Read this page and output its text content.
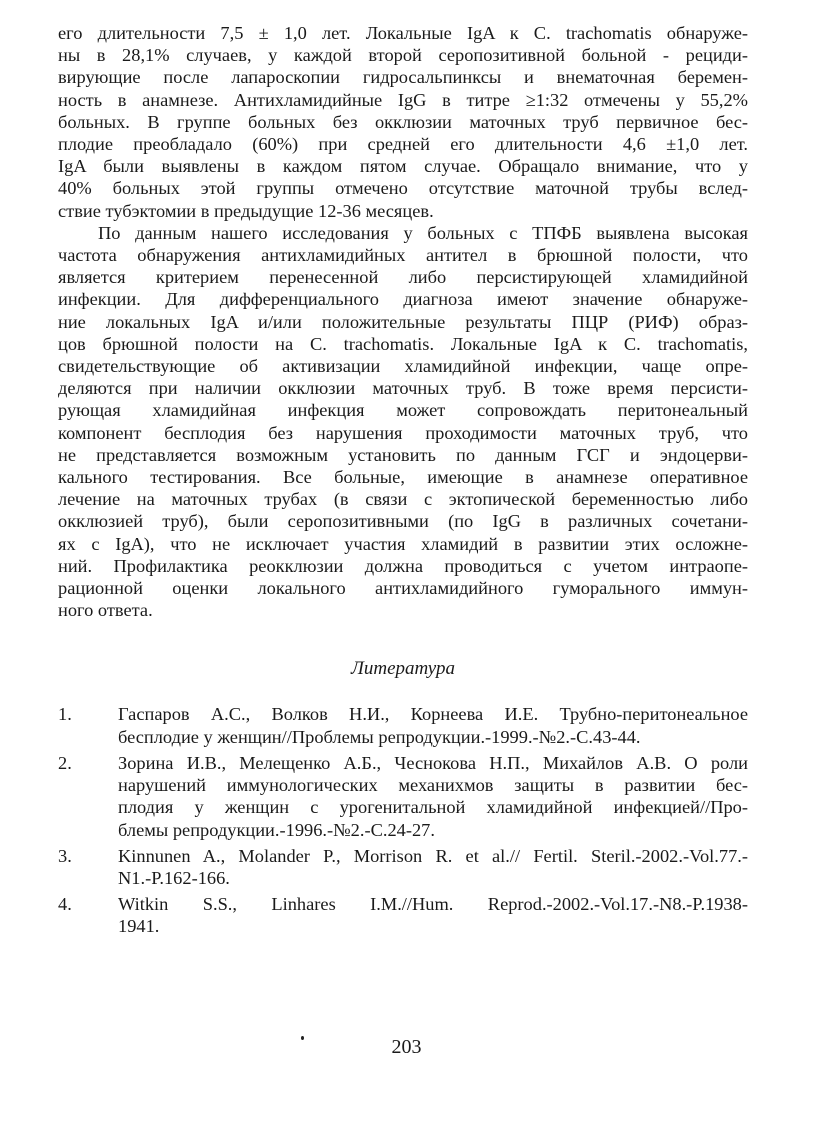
его длительности 7,5 ± 1,0 лет. Локальные IgA к C. trachomatis обнаруже-
ны в 28,1% случаев, у каждой второй серопозитивной больной - рециди-
вирующие после лапароскопии гидросальпинксы и внематочная беремен-
ность в анамнезе. Антихламидийные IgG в титре ≥1:32 отмечены у 55,2%
больных. В группе больных без окклюзии маточных труб первичное бес-
плодие преобладало (60%) при средней его длительности 4,6 ±1,0 лет.
IgA были выявлены в каждом пятом случае. Обращало внимание, что у
40% больных этой группы отмечено отсутствие маточной трубы вслед-
ствие тубэктомии в предыдущие 12-36 месяцев.

По данным нашего исследования у больных с ТПФБ выявлена высокая
частота обнаружения антихламидийных антител в брюшной полости, что
является критерием перенесенной либо персистирующей хламидийной
инфекции. Для дифференциального диагноза имеют значение обнаруже-
ние локальных IgA и/или положительные результаты ПЦР (РИФ) образ-
цов брюшной полости на C. trachomatis. Локальные IgA к C. trachomatis,
свидетельствующие об активизации хламидийной инфекции, чаще опре-
деляются при наличии окклюзии маточных труб. В тоже время персисти-
рующая хламидийная инфекция может сопровождать перитонеальный
компонент бесплодия без нарушения проходимости маточных труб, что
не представляется возможным установить по данным ГСГ и эндоцерви-
кального тестирования. Все больные, имеющие в анамнезе оперативное
лечение на маточных трубах (в связи с эктопической беременностью либо
окклюзией труб), были серопозитивными (по IgG в различных сочетани-
ях с IgA), что не исключает участия хламидий в развитии этих осложне-
ний. Профилактика реокклюзии должна проводиться с учетом интраопе-
рационной оценки локального антихламидийного гуморального иммун-
ного ответа.

Литература
1.	Гаспаров А.С., Волков Н.И., Корнеева И.Е. Трубно-перитонеальное
бесплодие у женщин//Проблемы репродукции.-1999.-№2.-С.43-44.
2.	Зорина И.В., Мелещенко А.Б., Чеснокова Н.П., Михайлов А.В. О роли
нарушений иммунологических механихмов защиты в развитии бес-
плодия у женщин с урогенитальной хламидийной инфекцией//Про-
блемы репродукции.-1996.-№2.-С.24-27.
3.	Kinnunen A., Molander P., Morrison R. et al.// Fertil. Steril.-2002.-Vol.77.-
N1.-P.162-166.
4.	Witkin S.S., Linhares I.M.//Hum. Reprod.-2002.-Vol.17.-N8.-P.1938-
1941.
203
